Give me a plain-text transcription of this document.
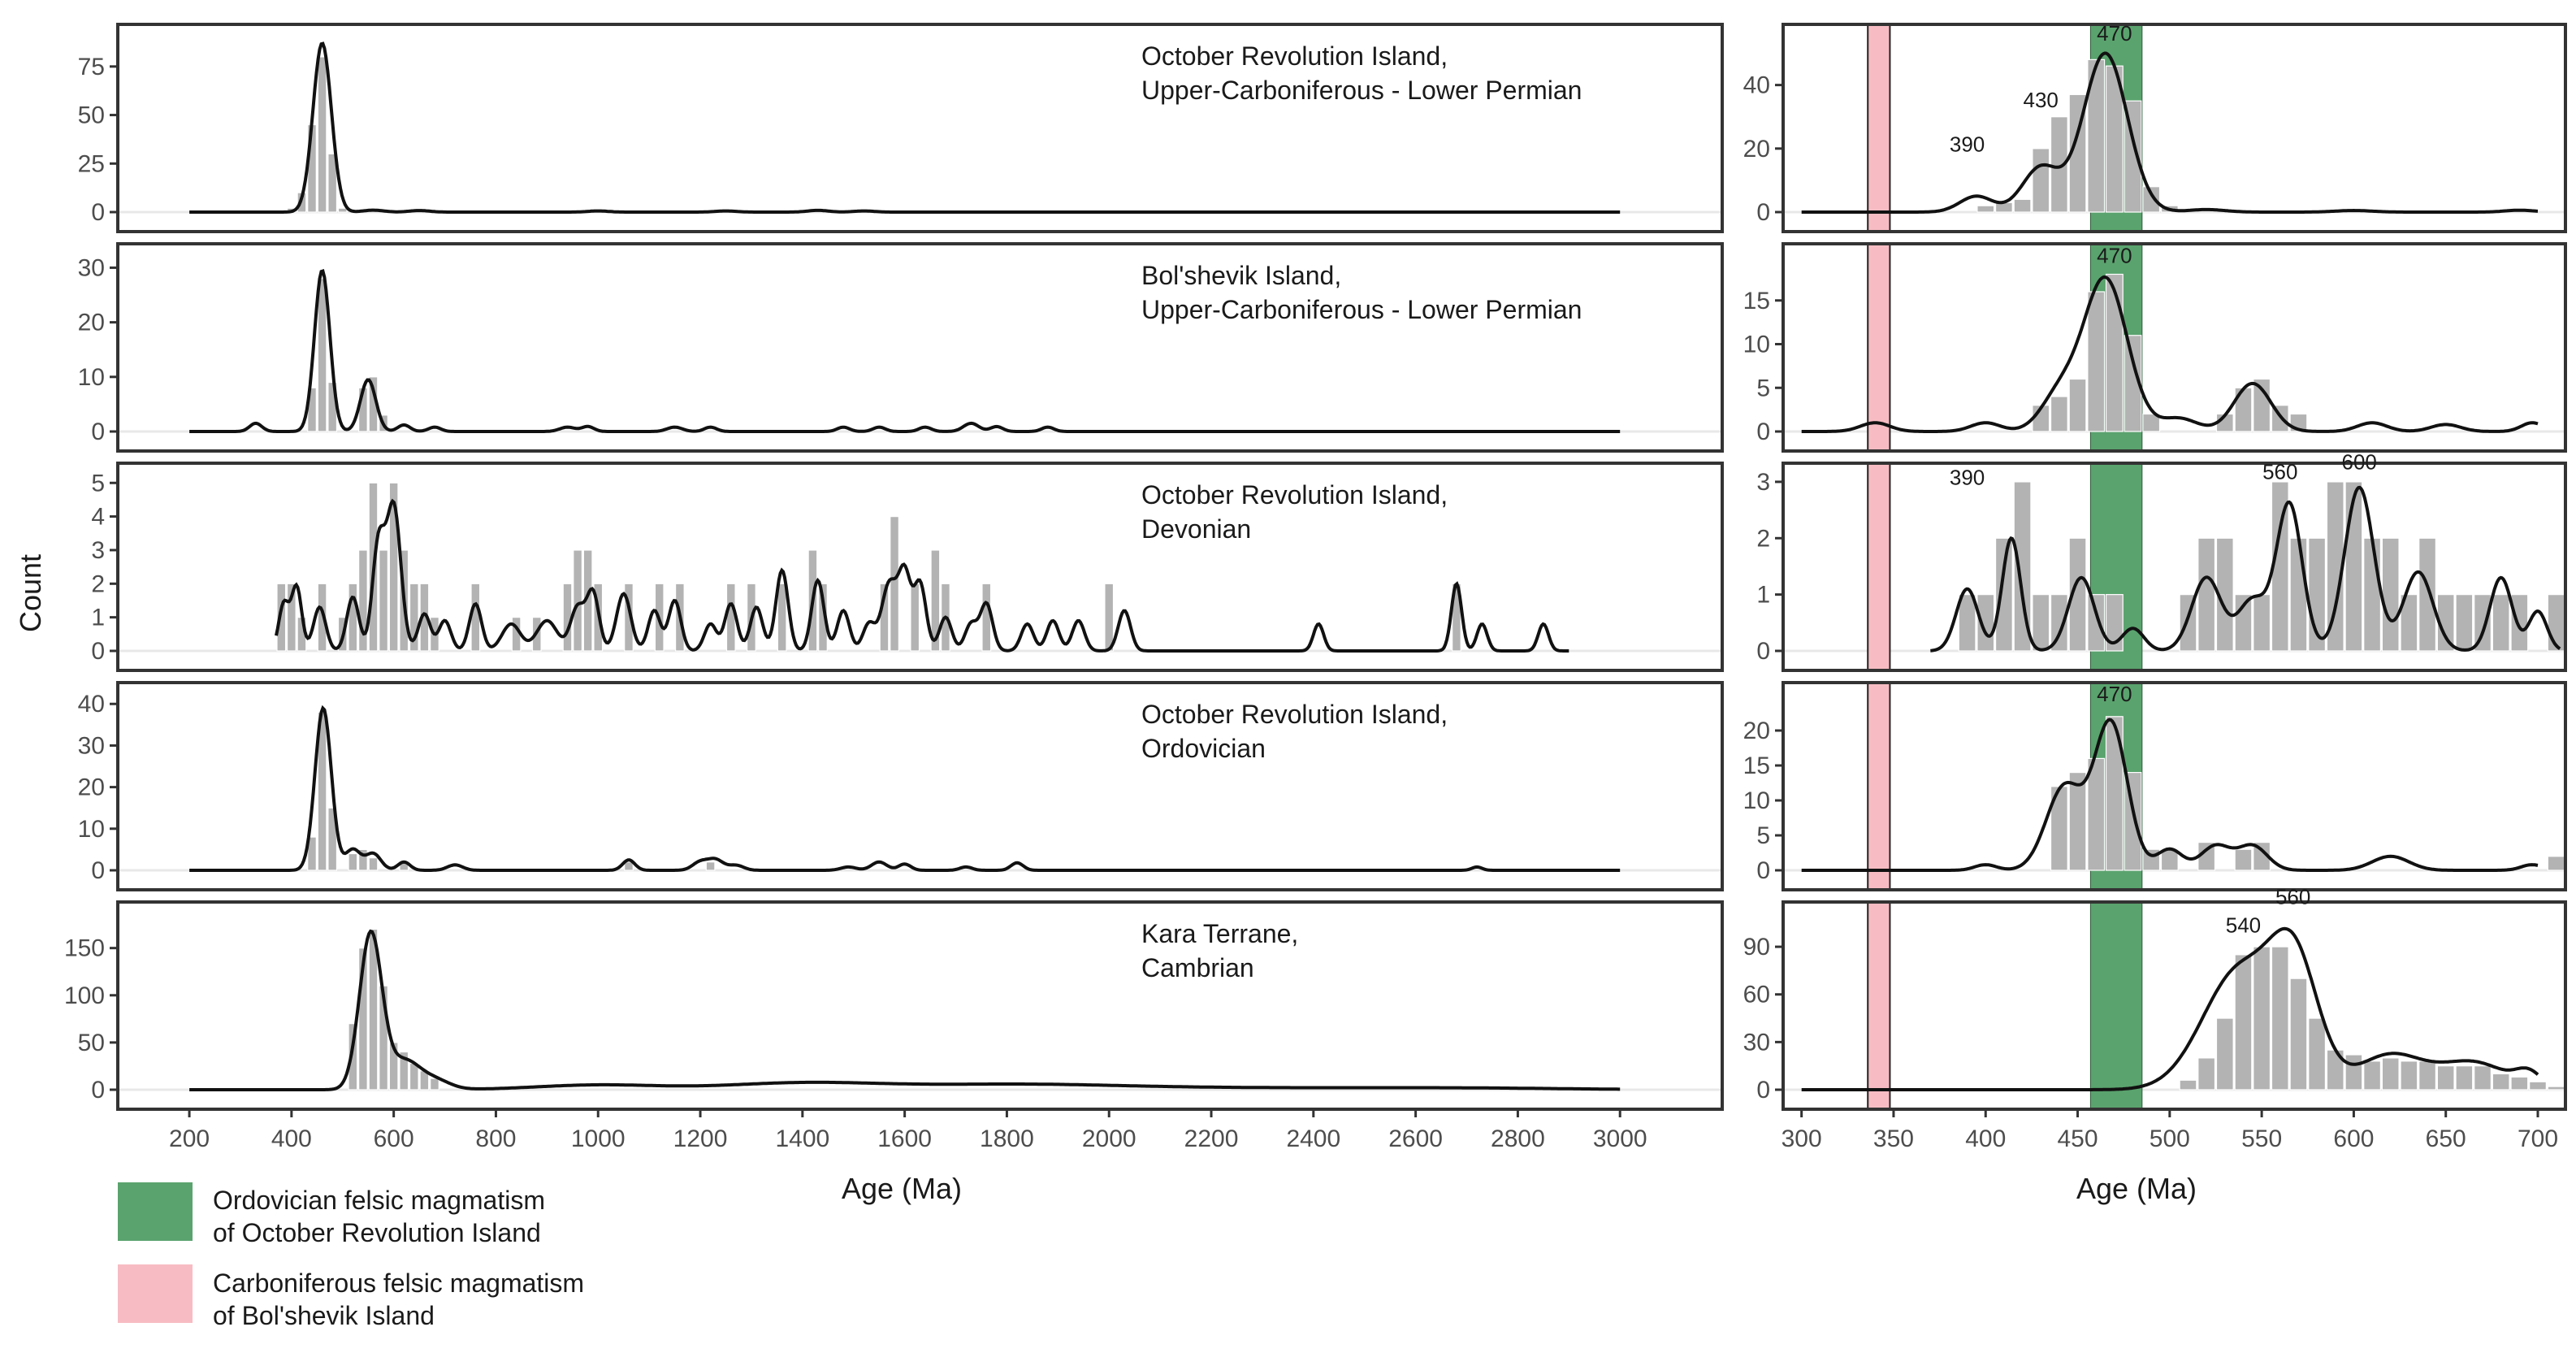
0
25
50
75	October Revolution Island,
Upper-Carboniferous - Lower Permian
0
20
40
470
430
390
0
10
20
30	Bol'shevik Island,
Upper-Carboniferous - Lower Permian
0
5
10
15
470
0
1
2
3
4
5	October Revolution Island,
Devonian
0
1
2
3	390	560 600
0
10
20
30
40	October Revolution Island,
Ordovician
0
5
10
15
20
470
0
50
100
150
Kara Terrane,
Cambrian
200	400	600	800 1000 1200 1400 1600 1800 2000 2200 2400 2600 2800 3000
0
30
60
90
540
560
300 350 400 450 500 550 600 650 700
Count
Age (Ma)	Age (Ma)
Ordovician felsic magmatism
of October Revolution Island
Carboniferous felsic magmatism
of Bol'shevik Island
